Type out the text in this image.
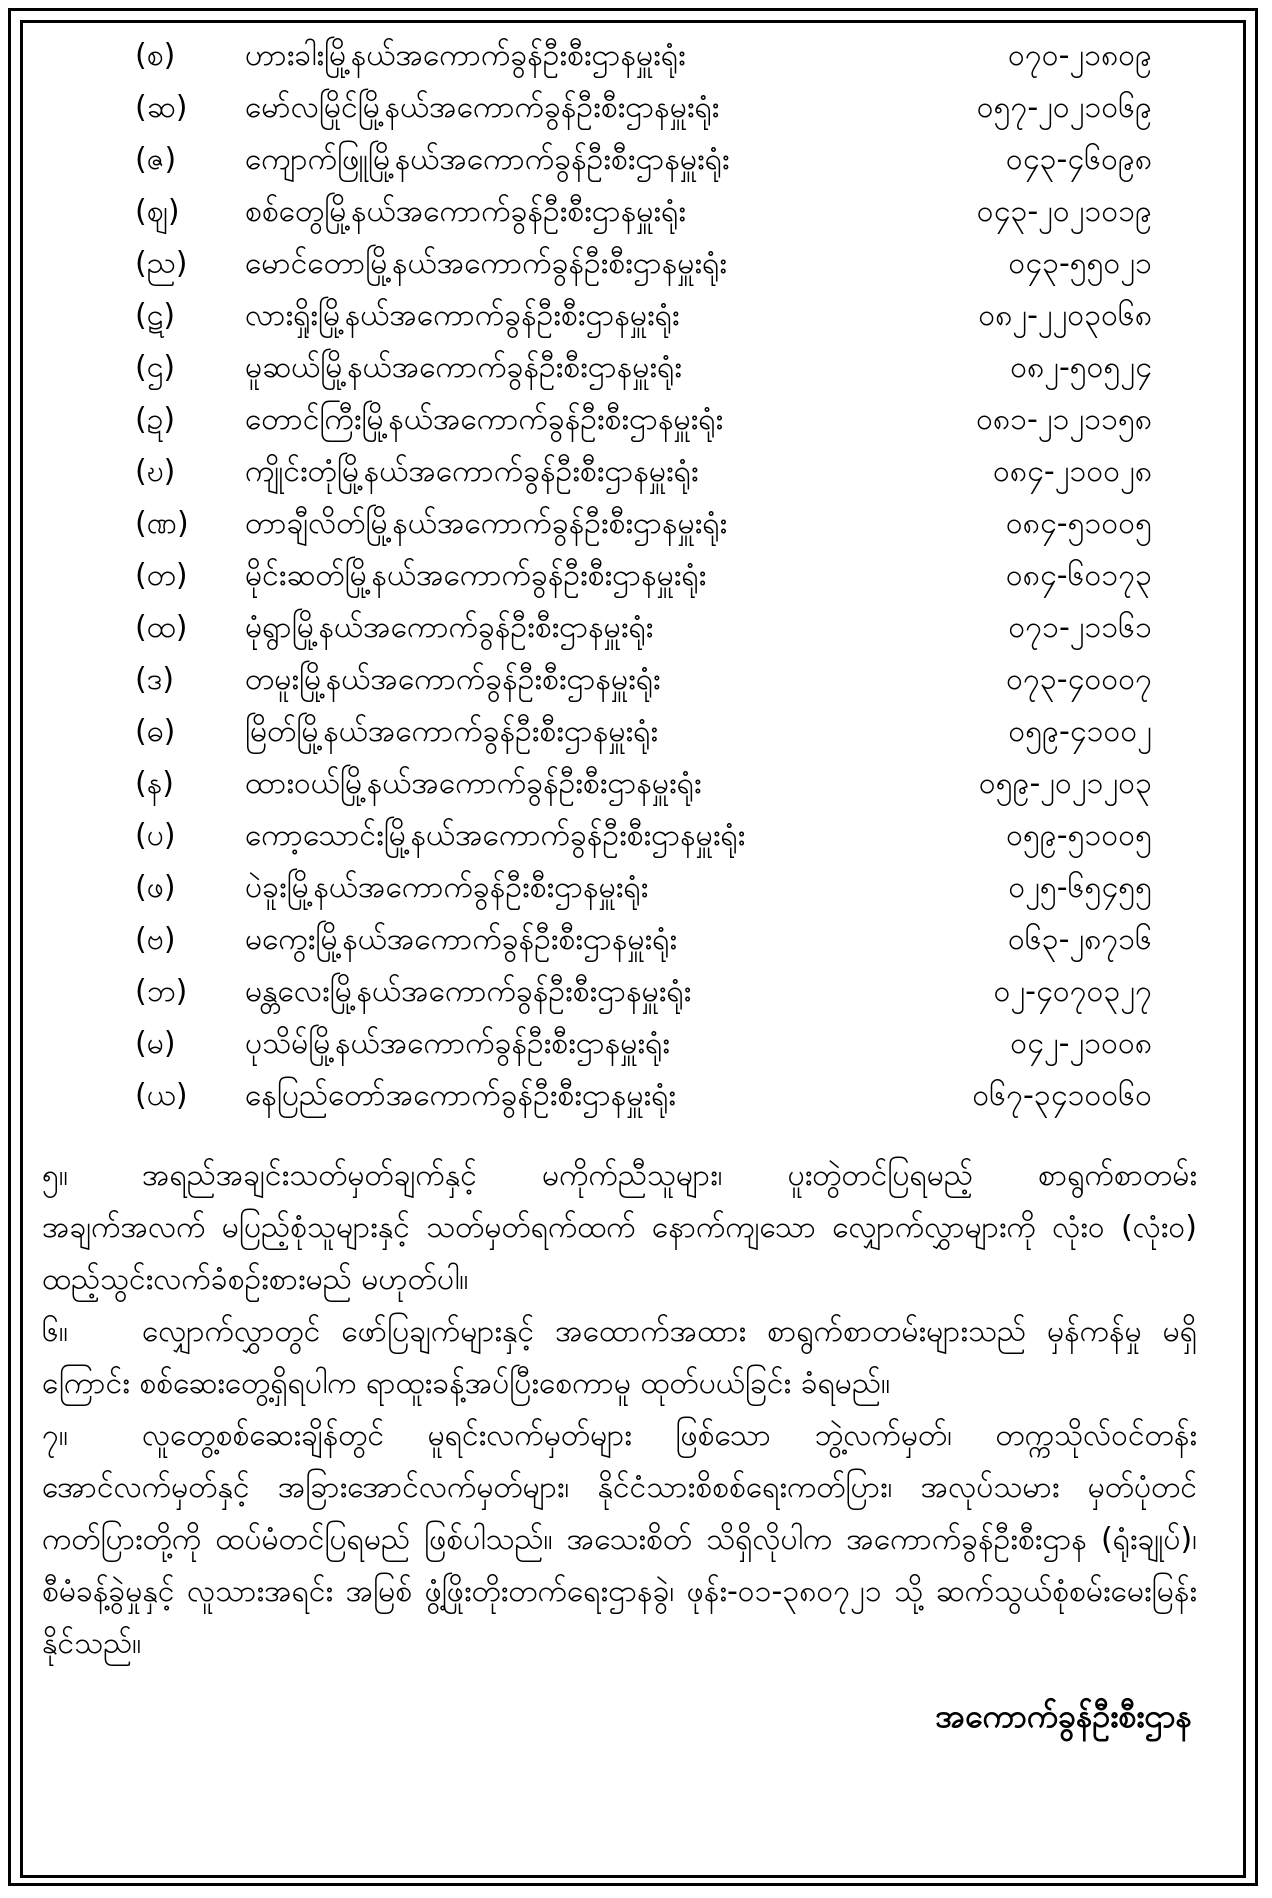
(စ) ဟားခါးမြို့နယ်အကောက်ခွန်ဦးစီးဌာနမှူးရုံး	၀၇၀-၂၁၈၀၉
(ဆ) မော်လမြိုင်မြို့နယ်အကောက်ခွန်ဦးစီးဌာနမှူးရုံး	၀၅၇-၂၀၂၁၀၆၉
(ဇ) ကျောက်ဖြူမြို့နယ်အကောက်ခွန်ဦးစီးဌာနမှူးရုံး	၀၄၃-၄၆၀၉၈
(ဈ) စစ်တွေမြို့နယ်အကောက်ခွန်ဦးစီးဌာနမှူးရုံး	၀၄၃-၂၀၂၁၀၁၉
(ည) မောင်တောမြို့နယ်အကောက်ခွန်ဦးစီးဌာနမှူးရုံး	၀၄၃-၅၅၀၂၁
(ဋ) လားရှိုးမြို့နယ်အကောက်ခွန်ဦးစီးဌာနမှူးရုံး	၀၈၂-၂၂၀၃၀၆၈
(ဌ) မူဆယ်မြို့နယ်အကောက်ခွန်ဦးစီးဌာနမှူးရုံး	၀၈၂-၅၀၅၂၄
(ဍ) တောင်ကြီးမြို့နယ်အကောက်ခွန်ဦးစီးဌာနမှူးရုံး	၀၈၁-၂၁၂၁၁၅၈
(ဎ) ကျိုင်းတုံမြို့နယ်အကောက်ခွန်ဦးစီးဌာနမှူးရုံး	၀၈၄-၂၁၀၀၂၈
(ဏ) တာချီလိတ်မြို့နယ်အကောက်ခွန်ဦးစီးဌာနမှူးရုံး	၀၈၄-၅၁၀၀၅
(တ) မိုင်းဆတ်မြို့နယ်အကောက်ခွန်ဦးစီးဌာနမှူးရုံး	၀၈၄-၆၀၁၇၃
(ထ) မုံရွာမြို့နယ်အကောက်ခွန်ဦးစီးဌာနမှူးရုံး	၀၇၁-၂၁၁၆၁
(ဒ) တမူးမြို့နယ်အကောက်ခွန်ဦးစီးဌာနမှူးရုံး	၀၇၃-၄၀၀၀၇
(ဓ) မြိတ်မြို့နယ်အကောက်ခွန်ဦးစီးဌာနမှူးရုံး	၀၅၉-၄၁၀၀၂
(န) ထားဝယ်မြို့နယ်အကောက်ခွန်ဦးစီးဌာနမှူးရုံး	၀၅၉-၂၀၂၁၂၀၃
(ပ) ကော့သောင်းမြို့နယ်အကောက်ခွန်ဦးစီးဌာနမှူးရုံး	၀၅၉-၅၁၀၀၅
(ဖ) ပဲခူးမြို့နယ်အကောက်ခွန်ဦးစီးဌာနမှူးရုံး	၀၂၅-၆၅၄၅၅
(ဗ) မကွေးမြို့နယ်အကောက်ခွန်ဦးစီးဌာနမှူးရုံး	၀၆၃-၂၈၇၁၆
(ဘ) မန္တလေးမြို့နယ်အကောက်ခွန်ဦးစီးဌာနမှူးရုံး	၀၂-၄၀၇၀၃၂၇
(မ) ပုသိမ်မြို့နယ်အကောက်ခွန်ဦးစီးဌာနမှူးရုံး	၀၄၂-၂၁၀၀၈
(ယ) နေပြည်တော်အကောက်ခွန်ဦးစီးဌာနမှူးရုံး	၀၆၇-၃၄၁၀၀၆၀

၅။ အရည်အချင်းသတ်မှတ်ချက်နှင့် မကိုက်ညီသူများ၊ ပူးတွဲတင်ပြရမည့် စာရွက်စာတမ်း အချက်အလက် မပြည့်စုံသူများနှင့် သတ်မှတ်ရက်ထက် နောက်ကျသော လျှောက်လွှာများကို လုံး၀ (လုံး၀) ထည့်သွင်းလက်ခံစဉ်းစားမည် မဟုတ်ပါ။

၆။ လျှောက်လွှာတွင် ဖော်ပြချက်များနှင့် အထောက်အထား စာရွက်စာတမ်းများသည် မှန်ကန်မှု မရှိကြောင်း စစ်ဆေးတွေ့ရှိရပါက ရာထူးခန့်အပ်ပြီးစေကာမူ ထုတ်ပယ်ခြင်း ခံရမည်။

၇။ လူတွေ့စစ်ဆေးချိန်တွင် မူရင်းလက်မှတ်များ ဖြစ်သော ဘွဲ့လက်မှတ်၊ တက္ကသိုလ်ဝင်တန်း အောင်လက်မှတ်နှင့် အခြားအောင်လက်မှတ်များ၊ နိုင်ငံသားစိစစ်ရေးကတ်ပြား၊ အလုပ်သမား မှတ်ပုံတင်ကတ်ပြားတို့ကို ထပ်မံတင်ပြရမည် ဖြစ်ပါသည်။ အသေးစိတ် သိရှိလိုပါက အကောက်ခွန်ဦးစီးဌာန (ရုံးချုပ်)၊ စီမံခန့်ခွဲမှုနှင့် လူသားအရင်း အမြစ် ဖွံ့ဖြိုးတိုးတက်ရေးဌာနခွဲ၊ ဖုန်း-၀၁-၃၈၀၇၂၁ သို့ ဆက်သွယ်စုံစမ်းမေးမြန်းနိုင်သည်။

အကောက်ခွန်ဦးစီးဌာန
